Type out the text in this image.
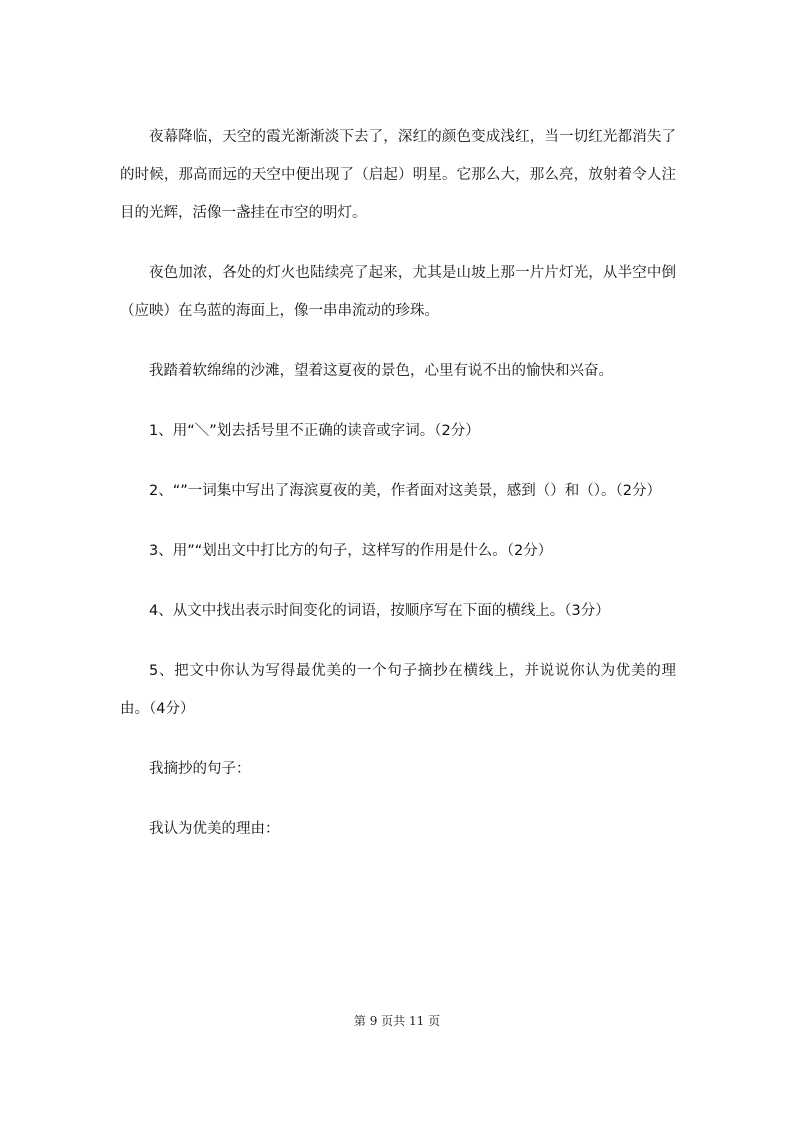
夜幕降临，天空的霞光渐渐淡下去了，深红的颜色变成浅红，当一切红光都消失了的时候，那高而远的天空中便出现了（启起）明星。它那么大，那么亮，放射着令人注目的光辉，活像一盏挂在市空的明灯。

夜色加浓，各处的灯火也陆续亮了起来，尤其是山坡上那一片片灯光，从半空中倒（应映）在乌蓝的海面上，像一串串流动的珍珠。

我踏着软绵绵的沙滩，望着这夏夜的景色，心里有说不出的愉快和兴奋。

1、用“＼”划去括号里不正确的读音或字词。（2分）

2、“”一词集中写出了海滨夏夜的美，作者面对这美景，感到（）和（）。（2分）

3、用”“划出文中打比方的句子，这样写的作用是什么。（2分）

4、从文中找出表示时间变化的词语，按顺序写在下面的横线上。（3分）

5、把文中你认为写得最优美的一个句子摘抄在横线上，并说说你认为优美的理由。（4分）

我摘抄的句子：

我认为优美的理由：

第 9 页共 11 页
